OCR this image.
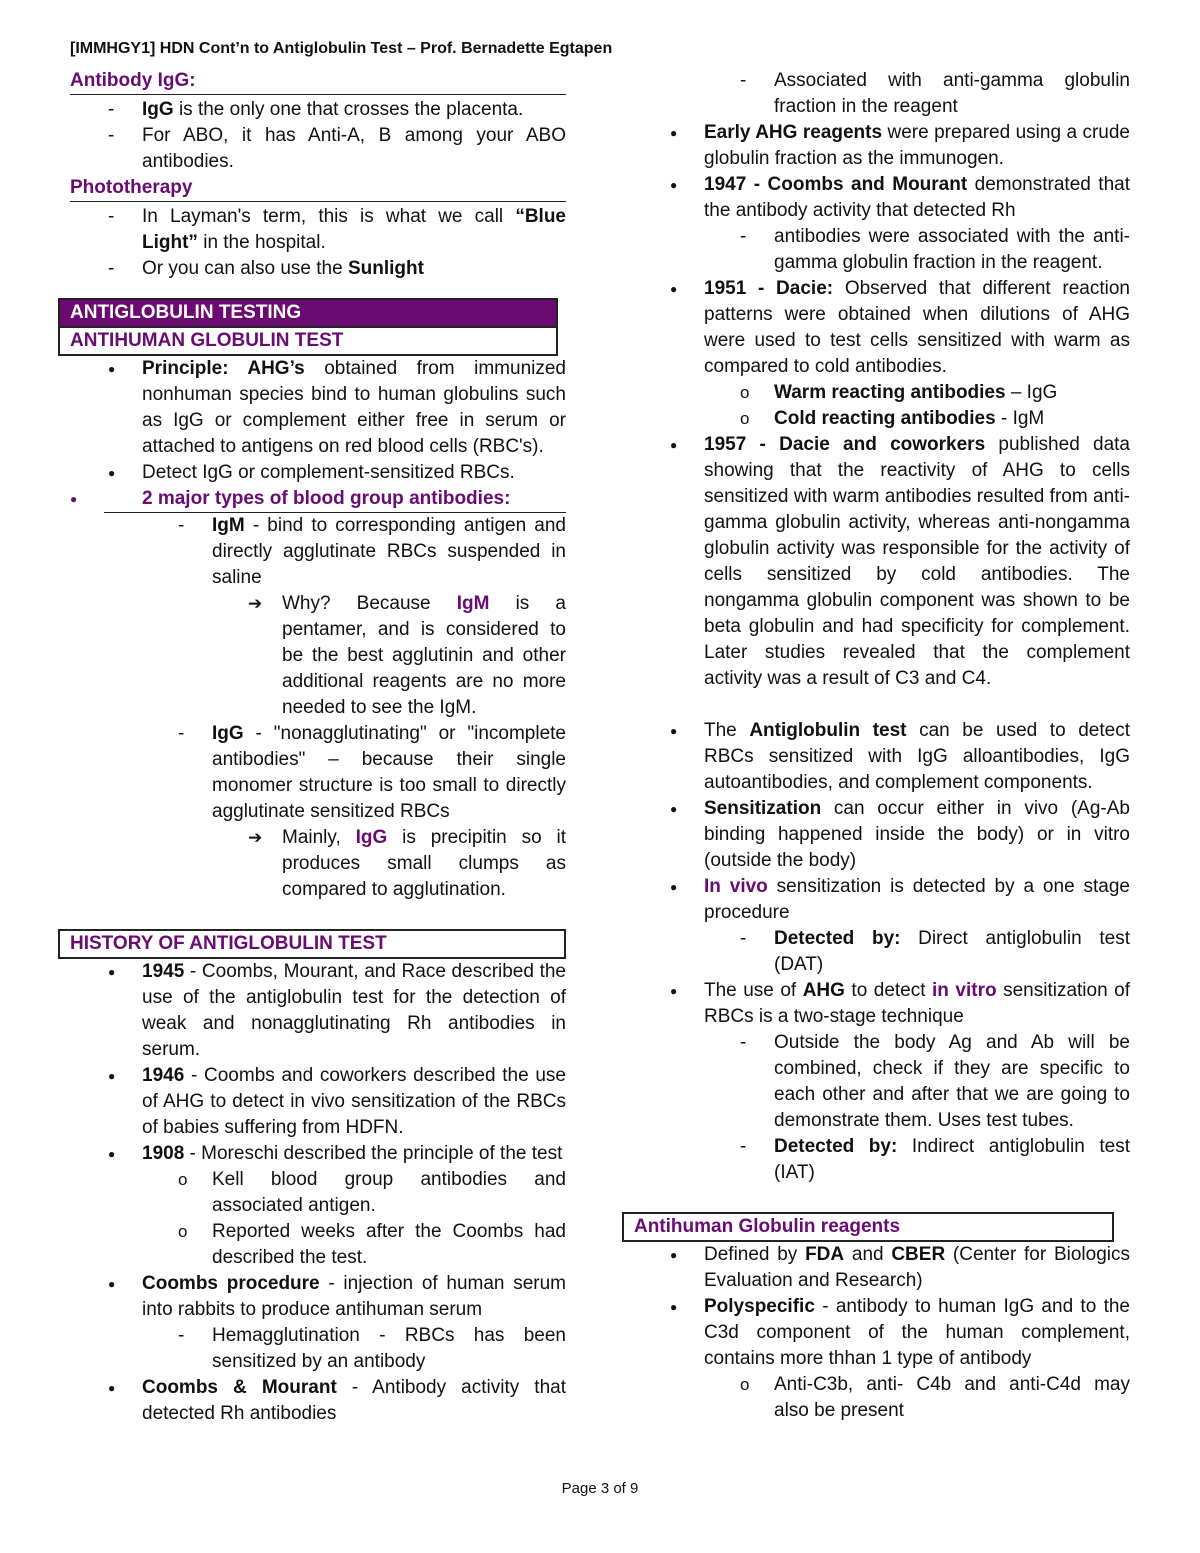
[IMMHGY1] HDN Cont’n to Antiglobulin Test – Prof. Bernadette Egtapen
Antibody IgG:

- IgG is the only one that crosses the placenta.

- For ABO, it has Anti-A, B among your ABO antibodies.

Phototherapy

- In Layman's term, this is what we call “Blue Light” in the hospital.

- Or you can also use the Sunlight

ANTIGLOBULIN TESTING
ANTIHUMAN GLOBULIN TEST

● Principle: AHG’s obtained from immunized nonhuman species bind to human globulins such as IgG or complement either free in serum or attached to antigens on red blood cells (RBC's).

● Detect IgG or complement-sensitized RBCs.

● 2 major types of blood group antibodies:

- IgM - bind to corresponding antigen and directly agglutinate RBCs suspended in saline

➔ Why? Because IgM is a pentamer, and is considered to be the best agglutinin and other additional reagents are no more needed to see the IgM.

- IgG - "nonagglutinating" or "incomplete antibodies" – because their single monomer structure is too small to directly agglutinate sensitized RBCs

➔ Mainly, IgG is precipitin so it produces small clumps as compared to agglutination.

HISTORY OF ANTIGLOBULIN TEST

● 1945 - Coombs, Mourant, and Race described the use of the antiglobulin test for the detection of weak and nonagglutinating Rh antibodies in serum.

● 1946 - Coombs and coworkers described the use of AHG to detect in vivo sensitization of the RBCs of babies suffering from HDFN.

● 1908 - Moreschi described the principle of the test

o Kell blood group antibodies and associated antigen.

o Reported weeks after the Coombs had described the test.

● Coombs procedure - injection of human serum into rabbits to produce antihuman serum

- Hemagglutination - RBCs has been sensitized by an antibody

● Coombs & Mourant - Antibody activity that detected Rh antibodies

- Associated with anti-gamma globulin fraction in the reagent

● Early AHG reagents were prepared using a crude globulin fraction as the immunogen.

● 1947 - Coombs and Mourant demonstrated that the antibody activity that detected Rh

- antibodies were associated with the anti-gamma globulin fraction in the reagent.

● 1951 - Dacie: Observed that different reaction patterns were obtained when dilutions of AHG were used to test cells sensitized with warm as compared to cold antibodies.

o Warm reacting antibodies – IgG

o Cold reacting antibodies - IgM

● 1957 - Dacie and coworkers published data showing that the reactivity of AHG to cells sensitized with warm antibodies resulted from anti-gamma globulin activity, whereas anti-nongamma globulin activity was responsible for the activity of cells sensitized by cold antibodies. The nongamma globulin component was shown to be beta globulin and had specificity for complement. Later studies revealed that the complement activity was a result of C3 and C4.

● The Antiglobulin test can be used to detect RBCs sensitized with IgG alloantibodies, IgG autoantibodies, and complement components.

● Sensitization can occur either in vivo (Ag-Ab binding happened inside the body) or in vitro (outside the body)

● In vivo sensitization is detected by a one stage procedure

- Detected by: Direct antiglobulin test (DAT)

● The use of AHG to detect in vitro sensitization of RBCs is a two-stage technique

- Outside the body Ag and Ab will be combined, check if they are specific to each other and after that we are going to demonstrate them. Uses test tubes.

- Detected by: Indirect antiglobulin test (IAT)

Antihuman Globulin reagents

● Defined by FDA and CBER (Center for Biologics Evaluation and Research)

● Polyspecific - antibody to human IgG and to the C3d component of the human complement, contains more thhan 1 type of antibody

o Anti-C3b, anti- C4b and anti-C4d may also be present

Page 3 of 9
